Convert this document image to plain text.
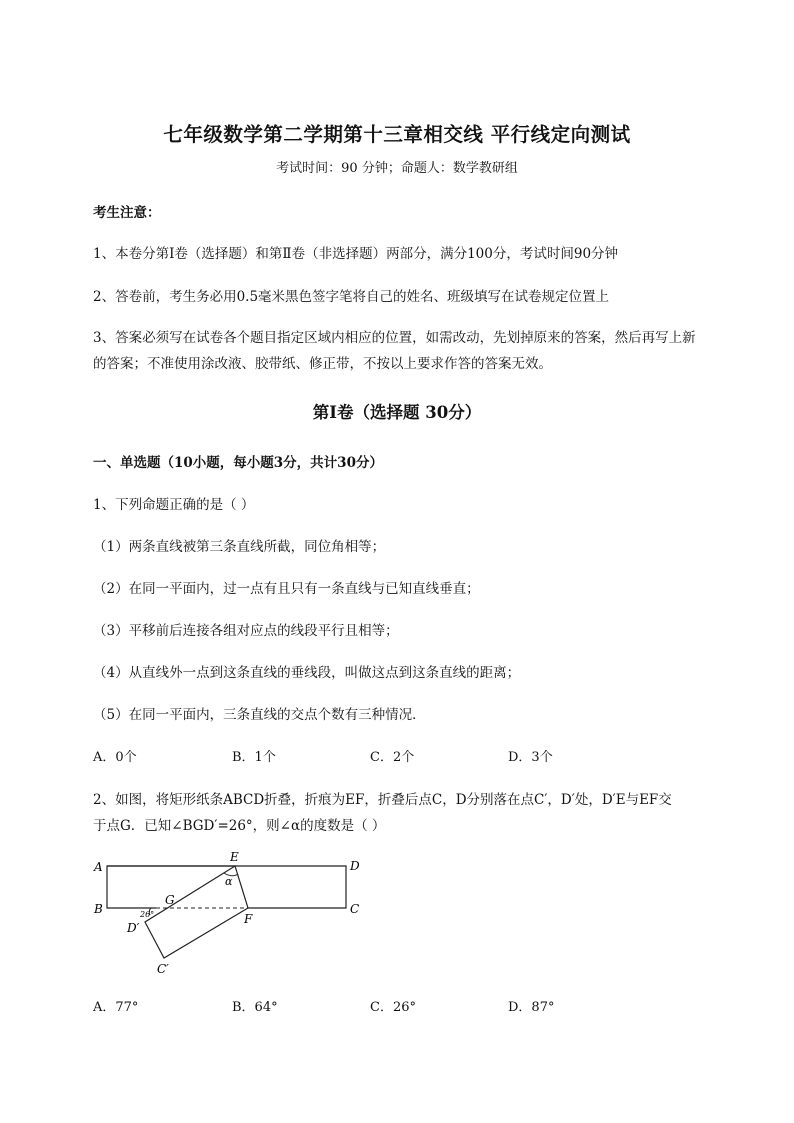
七年级数学第二学期第十三章相交线 平行线定向测试
考试时间：90 分钟；命题人：数学教研组
考生注意：
1、本卷分第Ⅰ卷（选择题）和第Ⅱ卷（非选择题）两部分，满分100分，考试时间90分钟
2、答卷前，考生务必用0.5毫米黑色签字笔将自己的姓名、班级填写在试卷规定位置上
3、答案必须写在试卷各个题目指定区域内相应的位置，如需改动，先划掉原来的答案，然后再写上新
的答案；不准使用涂改液、胶带纸、修正带，不按以上要求作答的答案无效。
第Ⅰ卷（选择题 30分）
一、单选题（10小题，每小题3分，共计30分）
1、下列命题正确的是（ ）
（1）两条直线被第三条直线所截，同位角相等；
（2）在同一平面内，过一点有且只有一条直线与已知直线垂直；
（3）平移前后连接各组对应点的线段平行且相等；
（4）从直线外一点到这条直线的垂线段，叫做这点到这条直线的距离；
（5）在同一平面内，三条直线的交点个数有三种情况．
A．0个	B．1个	C．2个	D．3个
2、如图，将矩形纸条ABCD折叠，折痕为EF，折叠后点C，D分别落在点C′，D′处，D′E与EF交
于点G．已知∠BGD′=26°，则∠α的度数是（ ）
A
B
D
C
E
F
G
D′
C′
α
26°
A．77°	B．64°	C．26°	D．87°
